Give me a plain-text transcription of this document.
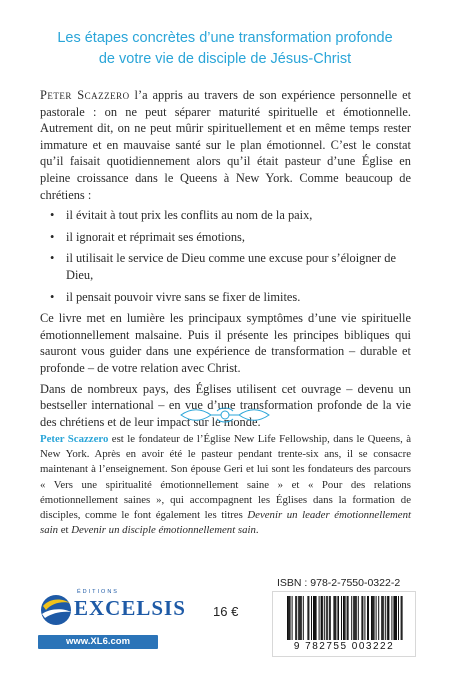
Les étapes concrètes d’une transformation profonde
de votre vie de disciple de Jésus-Christ

Peter Scazzero l’a appris au travers de son expérience personnelle et pastorale : on ne peut séparer maturité spirituelle et émotionnelle. Autrement dit, on ne peut mûrir spirituellement et en même temps rester immature et en mauvaise santé sur le plan émotionnel. C’est le constat qu’il faisait quotidiennement alors qu’il était pasteur d’une Église en pleine croissance dans le Queens à New York. Comme beaucoup de chrétiens :

• il évitait à tout prix les conflits au nom de la paix,
• il ignorait et réprimait ses émotions,
• il utilisait le service de Dieu comme une excuse pour s’éloigner de Dieu,
• il pensait pouvoir vivre sans se fixer de limites.

Ce livre met en lumière les principaux symptômes d’une vie spirituelle émotionnellement malsaine. Puis il présente les principes bibliques qui sauront vous guider dans une expérience de transformation – durable et profonde – de votre relation avec Christ.

Dans de nombreux pays, des Églises utilisent cet ouvrage – devenu un bestseller international – en vue d’une transformation profonde de la vie des chrétiens et de leur impact sur le monde.

Peter Scazzero est le fondateur de l’Église New Life Fellowship, dans le Queens, à New York. Après en avoir été le pasteur pendant trente-six ans, il se consacre maintenant à l’enseignement. Son épouse Geri et lui sont les fondateurs des parcours « Vers une spiritualité émotionnellement saine » et « Pour des relations émotionnellement saines », qui accompagnent les Églises dans la formation de disciples, comme le font également les titres Devenir un leader émotionnellement sain et Devenir un disciple émotionnellement sain.
ÉDITIONS
EXCELSIS
www.XL6.com
16 €
ISBN : 978-2-7550-0322-2
9 782755 003222
